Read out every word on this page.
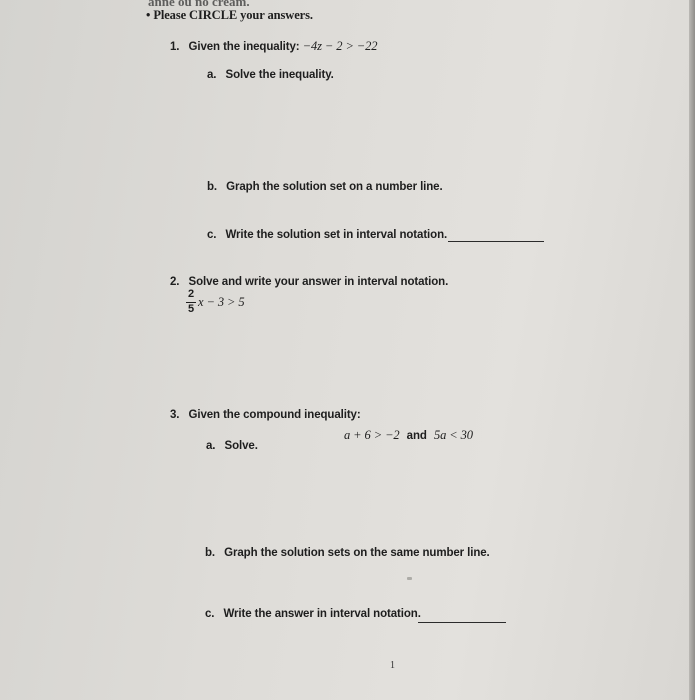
anne ou no cream.
• Please CIRCLE your answers.
1. Given the inequality: −4z − 2 > −22
a. Solve the inequality.
b. Graph the solution set on a number line.
c. Write the solution set in interval notation.
2. Solve and write your answer in interval notation.
2
5 x − 3 > 5
3. Given the compound inequality:
a + 6 > −2 and 5a < 30
a. Solve.
b. Graph the solution sets on the same number line.
c. Write the answer in interval notation.
1
